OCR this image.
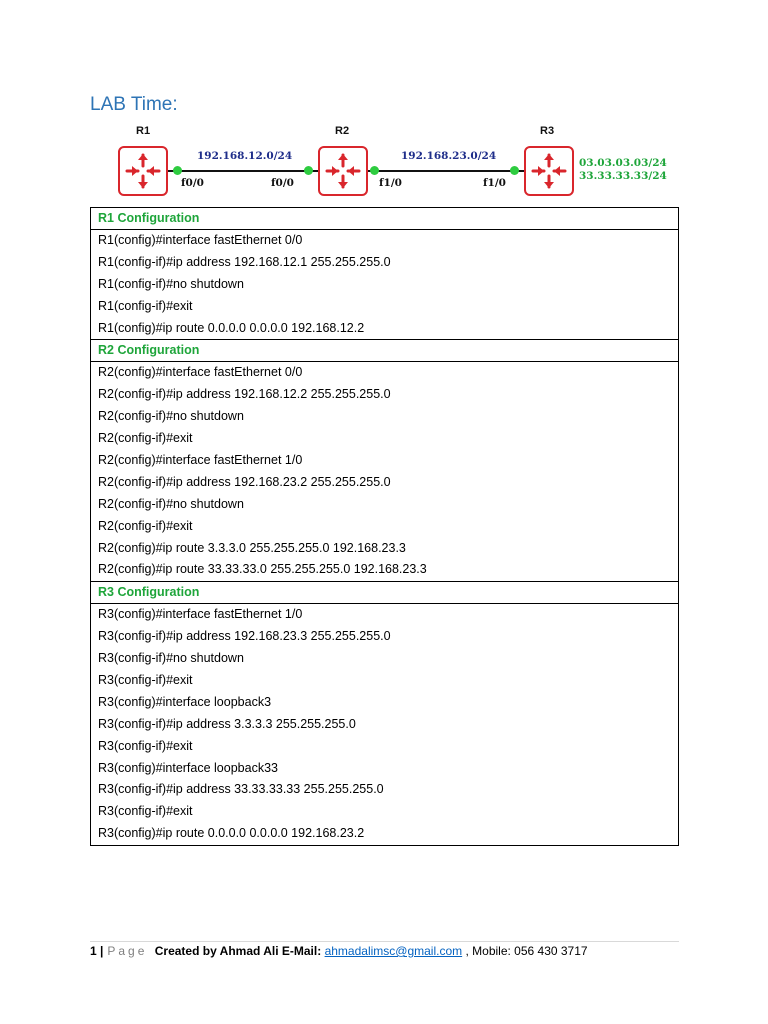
LAB Time:
R1	R2	R3
192.168.12.0/24	192.168.23.0/24
f0/0	f0/0	f1/0	f1/0
03.03.03.03/24
33.33.33.33/24
R1 Configuration

R1(config)#interface fastEthernet 0/0
R1(config-if)#ip address 192.168.12.1 255.255.255.0
R1(config-if)#no shutdown
R1(config-if)#exit
R1(config)#ip route 0.0.0.0 0.0.0.0 192.168.12.2

R2 Configuration

R2(config)#interface fastEthernet 0/0
R2(config-if)#ip address 192.168.12.2 255.255.255.0
R2(config-if)#no shutdown
R2(config-if)#exit
R2(config)#interface fastEthernet 1/0
R2(config-if)#ip address 192.168.23.2 255.255.255.0
R2(config-if)#no shutdown
R2(config-if)#exit
R2(config)#ip route 3.3.3.0 255.255.255.0 192.168.23.3
R2(config)#ip route 33.33.33.0 255.255.255.0 192.168.23.3

R3 Configuration

R3(config)#interface fastEthernet 1/0
R3(config-if)#ip address 192.168.23.3 255.255.255.0
R3(config-if)#no shutdown
R3(config-if)#exit
R3(config)#interface loopback3
R3(config-if)#ip address 3.3.3.3 255.255.255.0
R3(config-if)#exit
R3(config)#interface loopback33
R3(config-if)#ip address 33.33.33.33 255.255.255.0
R3(config-if)#exit
R3(config)#ip route 0.0.0.0 0.0.0.0 192.168.23.2
1 | Page Created by Ahmad Ali E-Mail: ahmadalimsc@gmail.com , Mobile: 056 430 3717
